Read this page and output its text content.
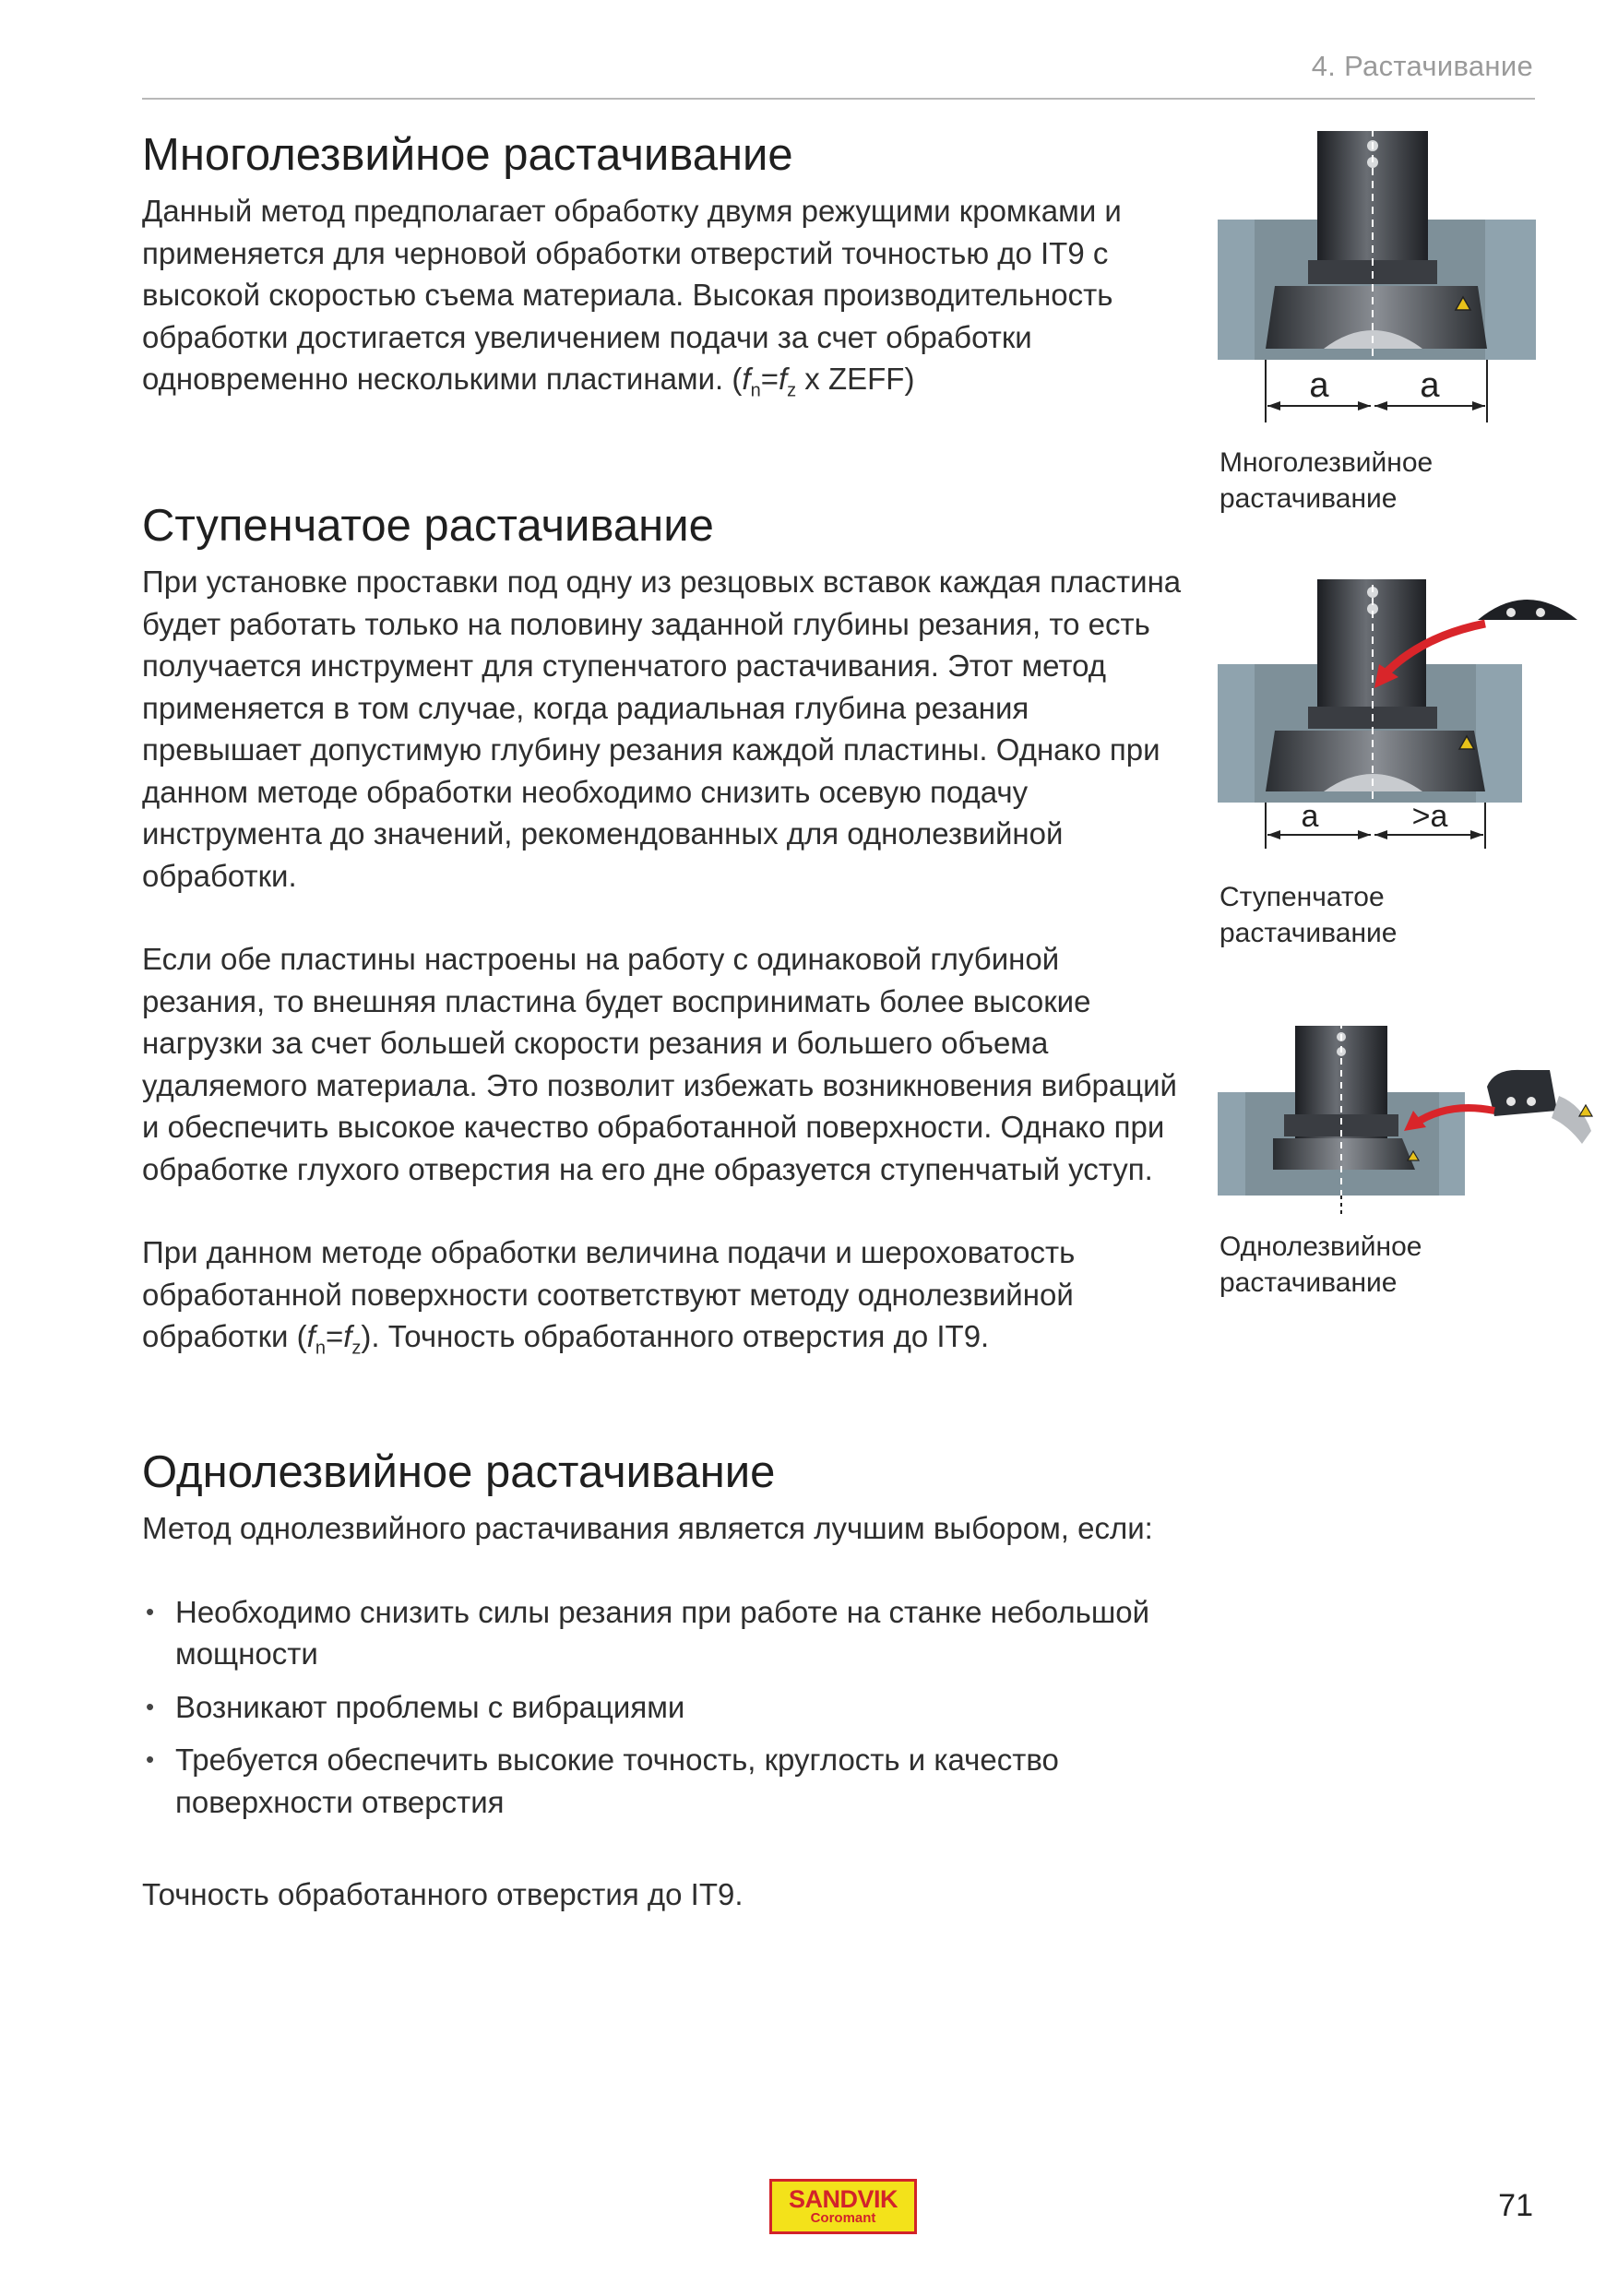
4. Растачивание
Многолезвийное растачивание

Данный метод предполагает обработку двумя режущими кромками и применяется для черновой обработки отверстий точностью до IT9 с высокой скоростью съема материала. Высокая производительность обработки достигается увеличением подачи за счет обработки одновременно несколькими пластинами. ($f_n=f_z$ x ZEFF)

Ступенчатое растачивание

При установке проставки под одну из резцовых вставок каждая пластина будет работать только на половину заданной глубины резания, то есть получается инструмент для ступенчатого растачивания. Этот метод применяется в том случае, когда радиальная глубина резания превышает допустимую глубину резания каждой пластины. Однако при данном методе обработки необходимо снизить осевую подачу инструмента до значений, рекомендованных для однолезвийной обработки.

Если обе пластины настроены на работу с одинаковой глубиной резания, то внешняя пластина будет воспринимать более высокие нагрузки за счет большей скорости резания и большего объема удаляемого материала. Это позволит избежать возникновения вибраций и обеспечить высокое качество обработанной поверхности. Однако при обработке глухого отверстия на его дне образуется ступенчатый уступ.

При данном методе обработки величина подачи и шероховатость обработанной поверхности соответствуют методу однолезвийной обработки $(f_n=f_z)$. Точность обработанного отверстия до IT9.

Однолезвийное растачивание

Метод однолезвийного растачивания является лучшим выбором, если:

• Необходимо снизить силы резания при работе на станке небольшой мощности
• Возникают проблемы с вибрациями
• Требуется обеспечить высокие точность, круглость и качество поверхности отверстия

Точность обработанного отверстия до IT9.

a	a
a	>a
Многолезвийное растачивание
Ступенчатое растачивание
Однолезвийное растачивание
SANDVIK
Coromant	71
